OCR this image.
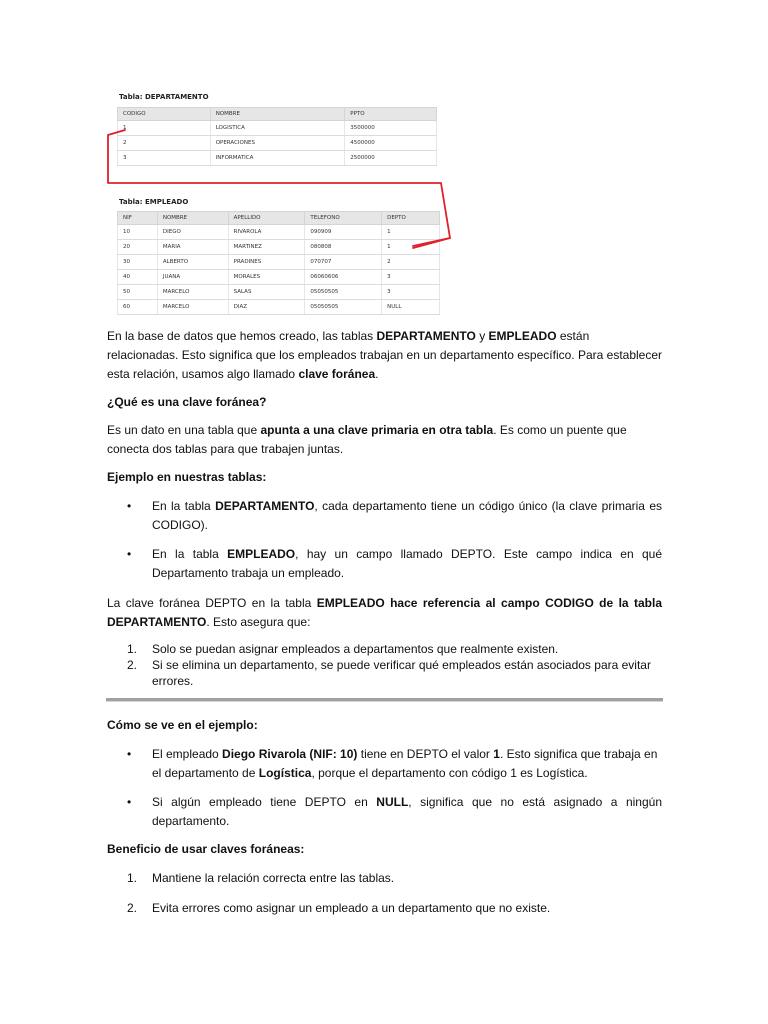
Tabla: DEPARTAMENTO
CODIGO	NOMBRE	PPTO
1	LOGISTICA	3500000
2	OPERACIONES	4500000
3	INFORMATICA	2500000
Tabla: EMPLEADO
NIF	NOMBRE	APELLIDO	TELEFONO	DEPTO
10	DIEGO	RIVAROLA	090909	1
20	MARIA	MARTINEZ	080808	1
30	ALBERTO	PRADINES	070707	2
40	JUANA	MORALES	06060606	3
50	MARCELO	SALAS	05050505	3
60	MARCELO	DIAZ	05050505	NULL
En la base de datos que hemos creado, las tablas DEPARTAMENTO y EMPLEADO están relacionadas. Esto significa que los empleados trabajan en un departamento específico. Para establecer esta relación, usamos algo llamado clave foránea.
¿Qué es una clave foránea?
Es un dato en una tabla que apunta a una clave primaria en otra tabla. Es como un puente que conecta dos tablas para que trabajen juntas.
Ejemplo en nuestras tablas:
• En la tabla DEPARTAMENTO, cada departamento tiene un código único (la clave primaria es CODIGO).
• En la tabla EMPLEADO, hay un campo llamado DEPTO. Este campo indica en qué Departamento trabaja un empleado.
La clave foránea DEPTO en la tabla EMPLEADO hace referencia al campo CODIGO de la tabla DEPARTAMENTO. Esto asegura que:
1. Solo se puedan asignar empleados a departamentos que realmente existen.
2. Si se elimina un departamento, se puede verificar qué empleados están asociados para evitar errores.
Cómo se ve en el ejemplo:
• El empleado Diego Rivarola (NIF: 10) tiene en DEPTO el valor 1. Esto significa que trabaja en el departamento de Logística, porque el departamento con código 1 es Logística.
• Si algún empleado tiene DEPTO en NULL, significa que no está asignado a ningún departamento.
Beneficio de usar claves foráneas:
1. Mantiene la relación correcta entre las tablas.
2. Evita errores como asignar un empleado a un departamento que no existe.
